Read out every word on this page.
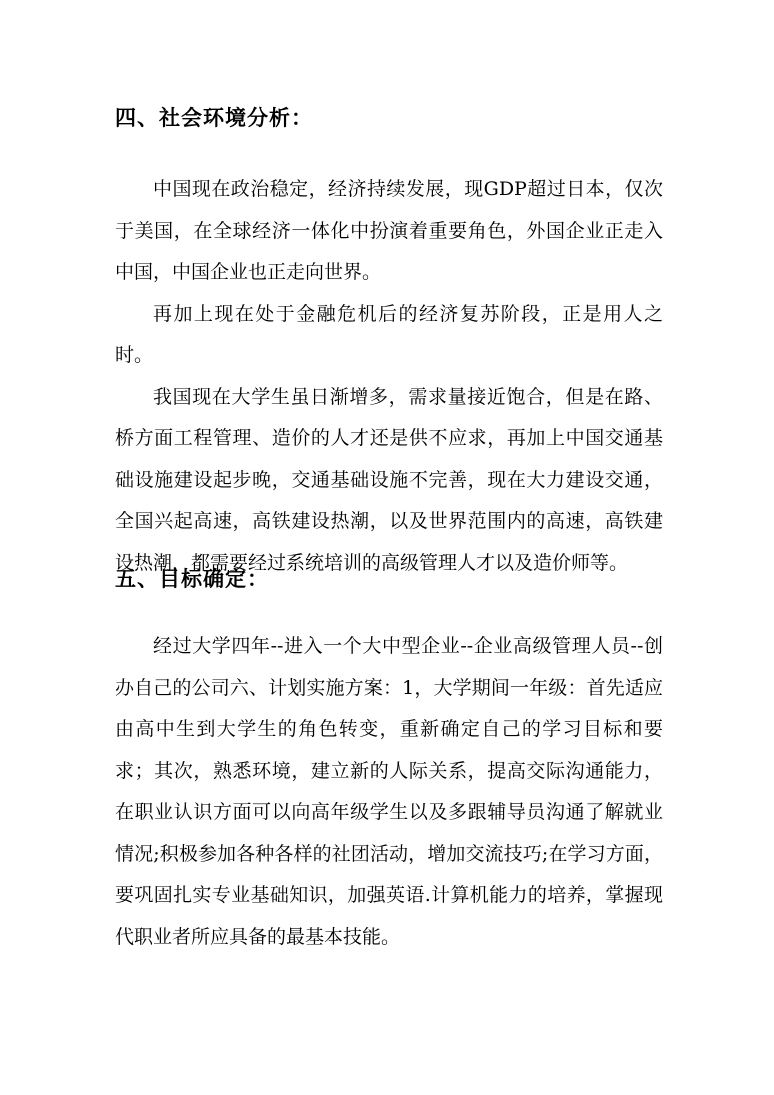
四、社会环境分析：

中国现在政治稳定，经济持续发展，现GDP超过日本，仅次于美国，在全球经济一体化中扮演着重要角色，外国企业正走入中国，中国企业也正走向世界。

再加上现在处于金融危机后的经济复苏阶段，正是用人之时。

我国现在大学生虽日渐增多，需求量接近饱合，但是在路、桥方面工程管理、造价的人才还是供不应求，再加上中国交通基础设施建设起步晚，交通基础设施不完善，现在大力建设交通，全国兴起高速，高铁建设热潮，以及世界范围内的高速，高铁建设热潮，都需要经过系统培训的高级管理人才以及造价师等。

五、目标确定：

经过大学四年--进入一个大中型企业--企业高级管理人员--创办自己的公司六、计划实施方案：1，大学期间一年级：首先适应由高中生到大学生的角色转变，重新确定自己的学习目标和要求；其次，熟悉环境，建立新的人际关系，提高交际沟通能力，在职业认识方面可以向高年级学生以及多跟辅导员沟通了解就业情况;积极参加各种各样的社团活动，增加交流技巧;在学习方面，要巩固扎实专业基础知识，加强英语.计算机能力的培养，掌握现代职业者所应具备的最基本技能。
